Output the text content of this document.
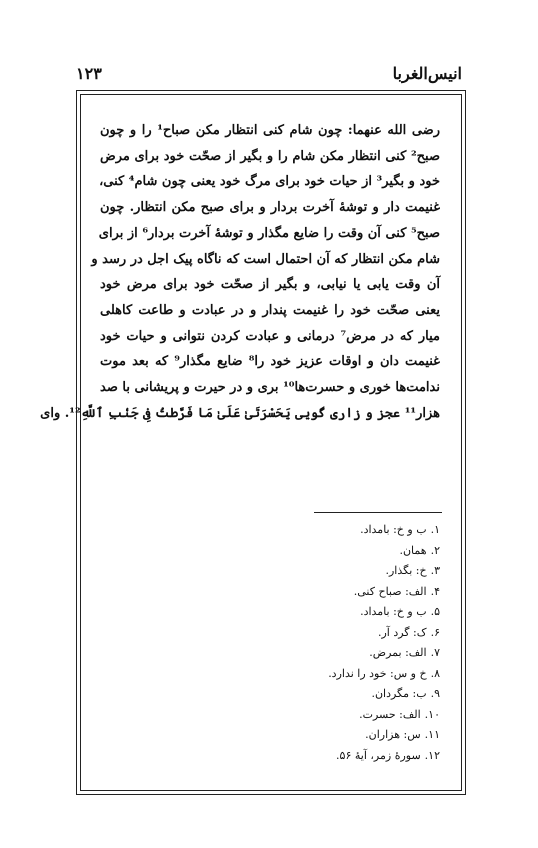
انیس‌الغربا
۱۲۳
رضی الله عنهما: چون شام کنی انتظار مکن صباح¹ را و چون
صبح² کنی انتظار مکن شام را و بگیر از صحّت خود برای مرض
خود و بگیر³ از حیات خود برای مرگ خود یعنی چون شام⁴ کنی،
غنیمت دار و توشهٔ آخرت بردار و برای صبح مکن انتظار. چون
صبح⁵ کنی آن وقت را ضایع مگذار و توشهٔ آخرت بردار⁶ از برای
شام مکن انتظار که آن احتمال است که ناگاه پیک اجل در رسد و
آن وقت یابی یا نیابی، و بگیر از صحّت خود برای مرض خود
یعنی صحّت خود را غنیمت پندار و در عبادت و طاعت کاهلی
میار که در مرض⁷ درمانی و عبادت کردن نتوانی و حیات خود
غنیمت دان و اوقات عزیز خود را⁸ ضایع مگذار⁹ که بعد موت
ندامت‌ها خوری و حسرت‌ها¹⁰ بری و در حیرت و پریشانی با صد
هزار¹¹ عجز و زاری گویی یَحَسْرَتَیٰ عَلَیٰ مَا فَرَّطتُ فِی جَنۢبِ ٱللَّهِ¹². وای
۱.ب و خ: بامداد.
۲.همان.
۳.خ: بگذار.
۴.الف: صباح کنی.
۵.ب و خ: بامداد.
۶.ک: گرد آر.
۷.الف: بمرض.
۸.خ و س: خود را ندارد.
۹.ب: مگردان.
۱۰.الف: حسرت.
۱۱.س: هزاران.
۱۲.سورهٔ زمر، آیهٔ ۵۶.
